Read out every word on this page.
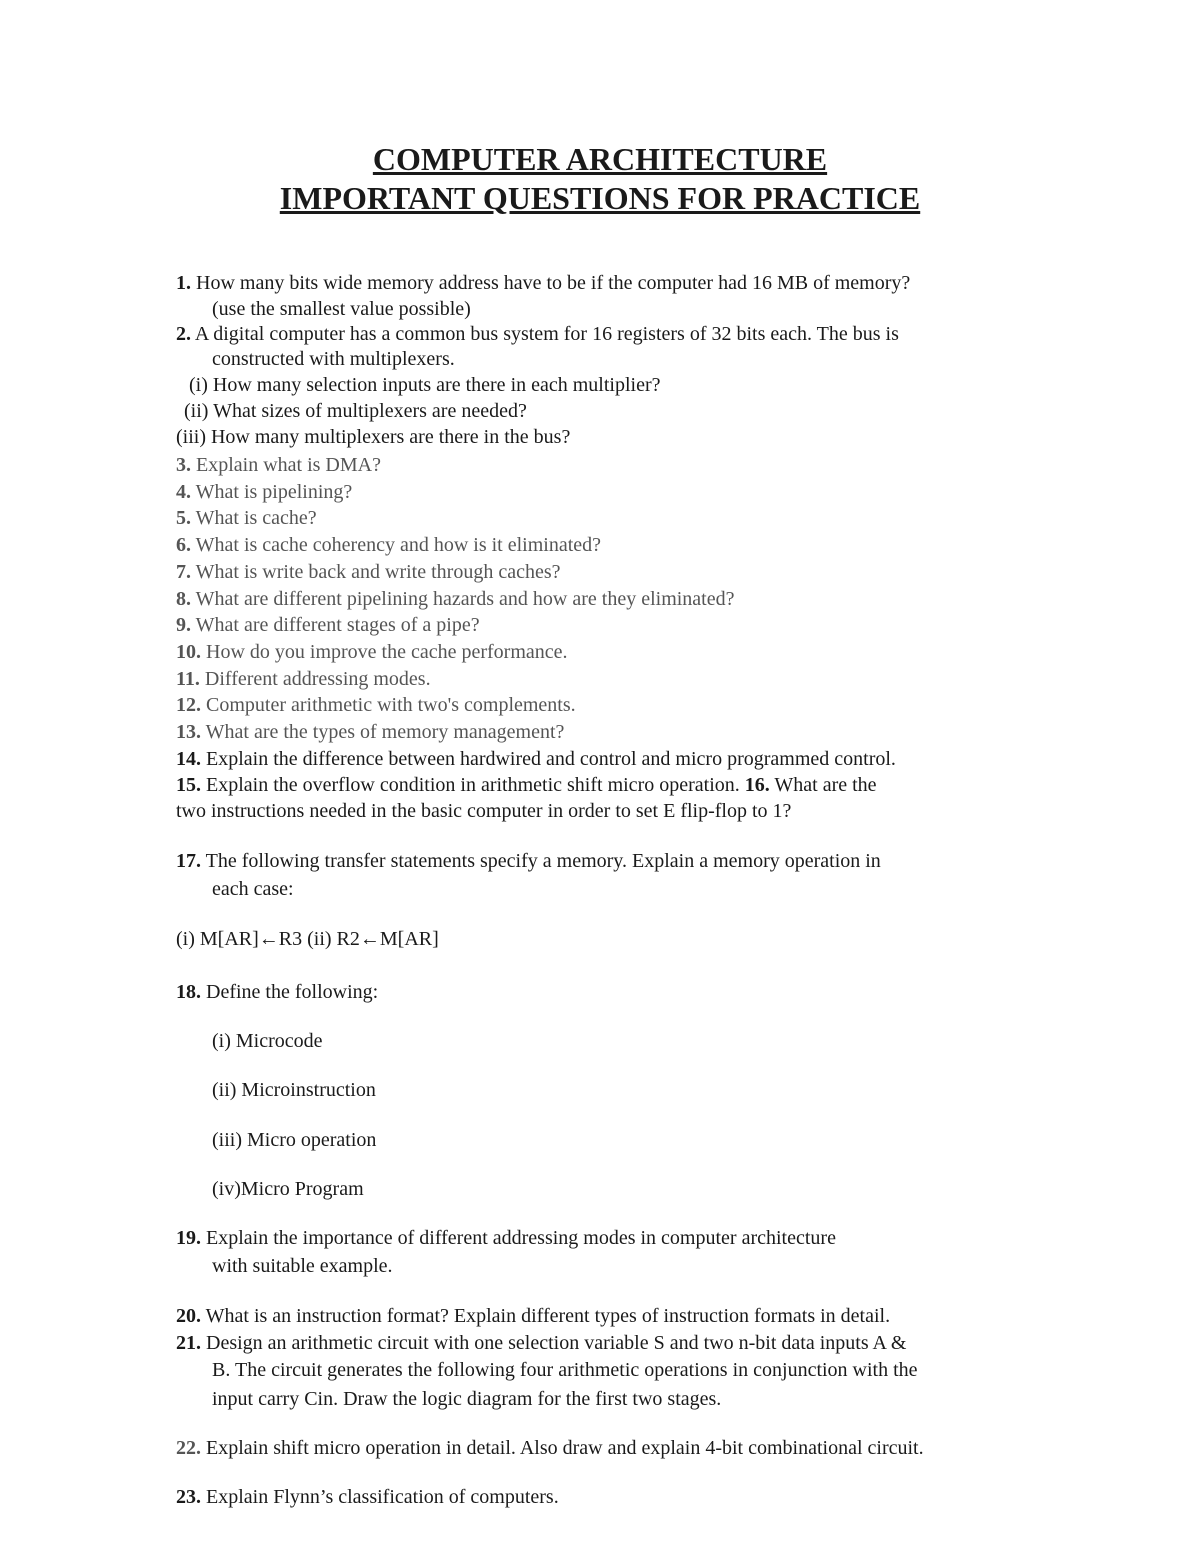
COMPUTER ARCHITECTURE
IMPORTANT QUESTIONS FOR PRACTICE
1. How many bits wide memory address have to be if the computer had 16 MB of memory?
(use the smallest value possible)
2. A digital computer has a common bus system for 16 registers of 32 bits each. The bus is
constructed with multiplexers.
(i) How many selection inputs are there in each multiplier?
(ii) What sizes of multiplexers are needed?
(iii) How many multiplexers are there in the bus?
3. Explain what is DMA?
4. What is pipelining?
5. What is cache?
6. What is cache coherency and how is it eliminated?
7. What is write back and write through caches?
8. What are different pipelining hazards and how are they eliminated?
9. What are different stages of a pipe?
10. How do you improve the cache performance.
11. Different addressing modes.
12. Computer arithmetic with two's complements.
13. What are the types of memory management?
14. Explain the difference between hardwired and control and micro programmed control.
15. Explain the overflow condition in arithmetic shift micro operation. 16. What are the
two instructions needed in the basic computer in order to set E flip-flop to 1?
17. The following transfer statements specify a memory. Explain a memory operation in
each case:
(i) M[AR]←R3 (ii) R2←M[AR]
18. Define the following:
(i) Microcode
(ii) Microinstruction
(iii) Micro operation
(iv)Micro Program
19. Explain the importance of different addressing modes in computer architecture
with suitable example.
20. What is an instruction format? Explain different types of instruction formats in detail.
21. Design an arithmetic circuit with one selection variable S and two n-bit data inputs A &
B. The circuit generates the following four arithmetic operations in conjunction with the
input carry Cin. Draw the logic diagram for the first two stages.
22. Explain shift micro operation in detail. Also draw and explain 4-bit combinational circuit.
23. Explain Flynn’s classification of computers.
